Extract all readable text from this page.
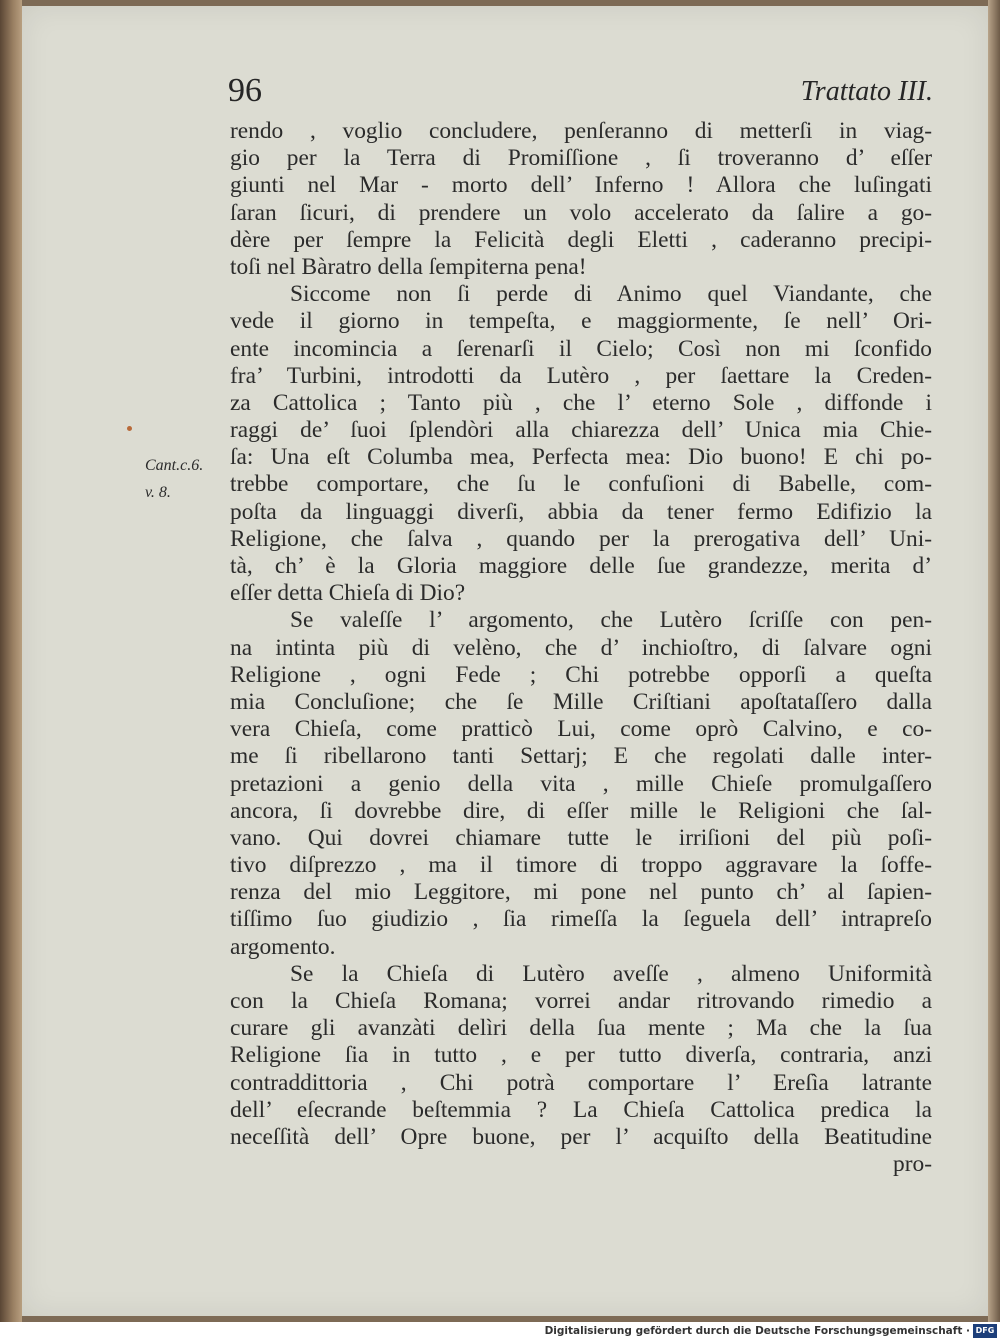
96	Trattato III.
Cant.c.6.
v. 8.
rendo , voglio concludere, penſeranno di metterſi in viag-
gio per la Terra di Promiſſione , ſi troveranno d’ eſſer
giunti nel Mar - morto dell’ Inferno ! Allora che luſingati
ſaran ſicuri, di prendere un volo accelerato da ſalire a go-
dère per ſempre la Felicità degli Eletti , caderanno precipi-
toſi nel Bàratro della ſempiterna pena!
Siccome non ſi perde di Animo quel Viandante, che
vede il giorno in tempeſta, e maggiormente, ſe nell’ Ori-
ente incomincia a ſerenarſi il Cielo; Così non mi ſconfido
fra’ Turbini, introdotti da Lutèro , per ſaettare la Creden-
za Cattolica ; Tanto più , che l’ eterno Sole , diffonde i
raggi de’ ſuoi ſplendòri alla chiarezza dell’ Unica mia Chie-
ſa: Una eſt Columba mea, Perfecta mea: Dio buono! E chi po-
trebbe comportare, che ſu le confuſioni di Babelle, com-
poſta da linguaggi diverſi, abbia da tener fermo Edifizio la
Religione, che ſalva , quando per la prerogativa dell’ Uni-
tà, ch’ è la Gloria maggiore delle ſue grandezze, merita d’
eſſer detta Chieſa di Dio?
Se valeſſe l’ argomento, che Lutèro ſcriſſe con pen-
na intinta più di velèno, che d’ inchioſtro, di ſalvare ogni
Religione , ogni Fede ; Chi potrebbe opporſi a queſta
mia Concluſione; che ſe Mille Criſtiani apoſtataſſero dalla
vera Chieſa, come pratticò Lui, come oprò Calvino, e co-
me ſi ribellarono tanti Settarj; E che regolati dalle inter-
pretazioni a genio della vita , mille Chieſe promulgaſſero
ancora, ſi dovrebbe dire, di eſſer mille le Religioni che ſal-
vano. Qui dovrei chiamare tutte le irriſioni del più poſi-
tivo diſprezzo , ma il timore di troppo aggravare la ſoffe-
renza del mio Leggitore, mi pone nel punto ch’ al ſapien-
tiſſimo ſuo giudizio , ſia rimeſſa la ſeguela dell’ intrapreſo
argomento.
Se la Chieſa di Lutèro aveſſe , almeno Uniformità
con la Chieſa Romana; vorrei andar ritrovando rimedio a
curare gli avanzàti delìri della ſua mente ; Ma che la ſua
Religione ſia in tutto , e per tutto diverſa, contraria, anzi
contraddittoria , Chi potrà comportare l’ Ereſìa latrante
dell’ eſecrande beſtemmia ? La Chieſa Cattolica predica la
neceſſità dell’ Opre buone, per l’ acquiſto della Beatitudine
pro-
Digitalisierung gefördert durch die Deutsche Forschungsgemeinschaft · DFG
